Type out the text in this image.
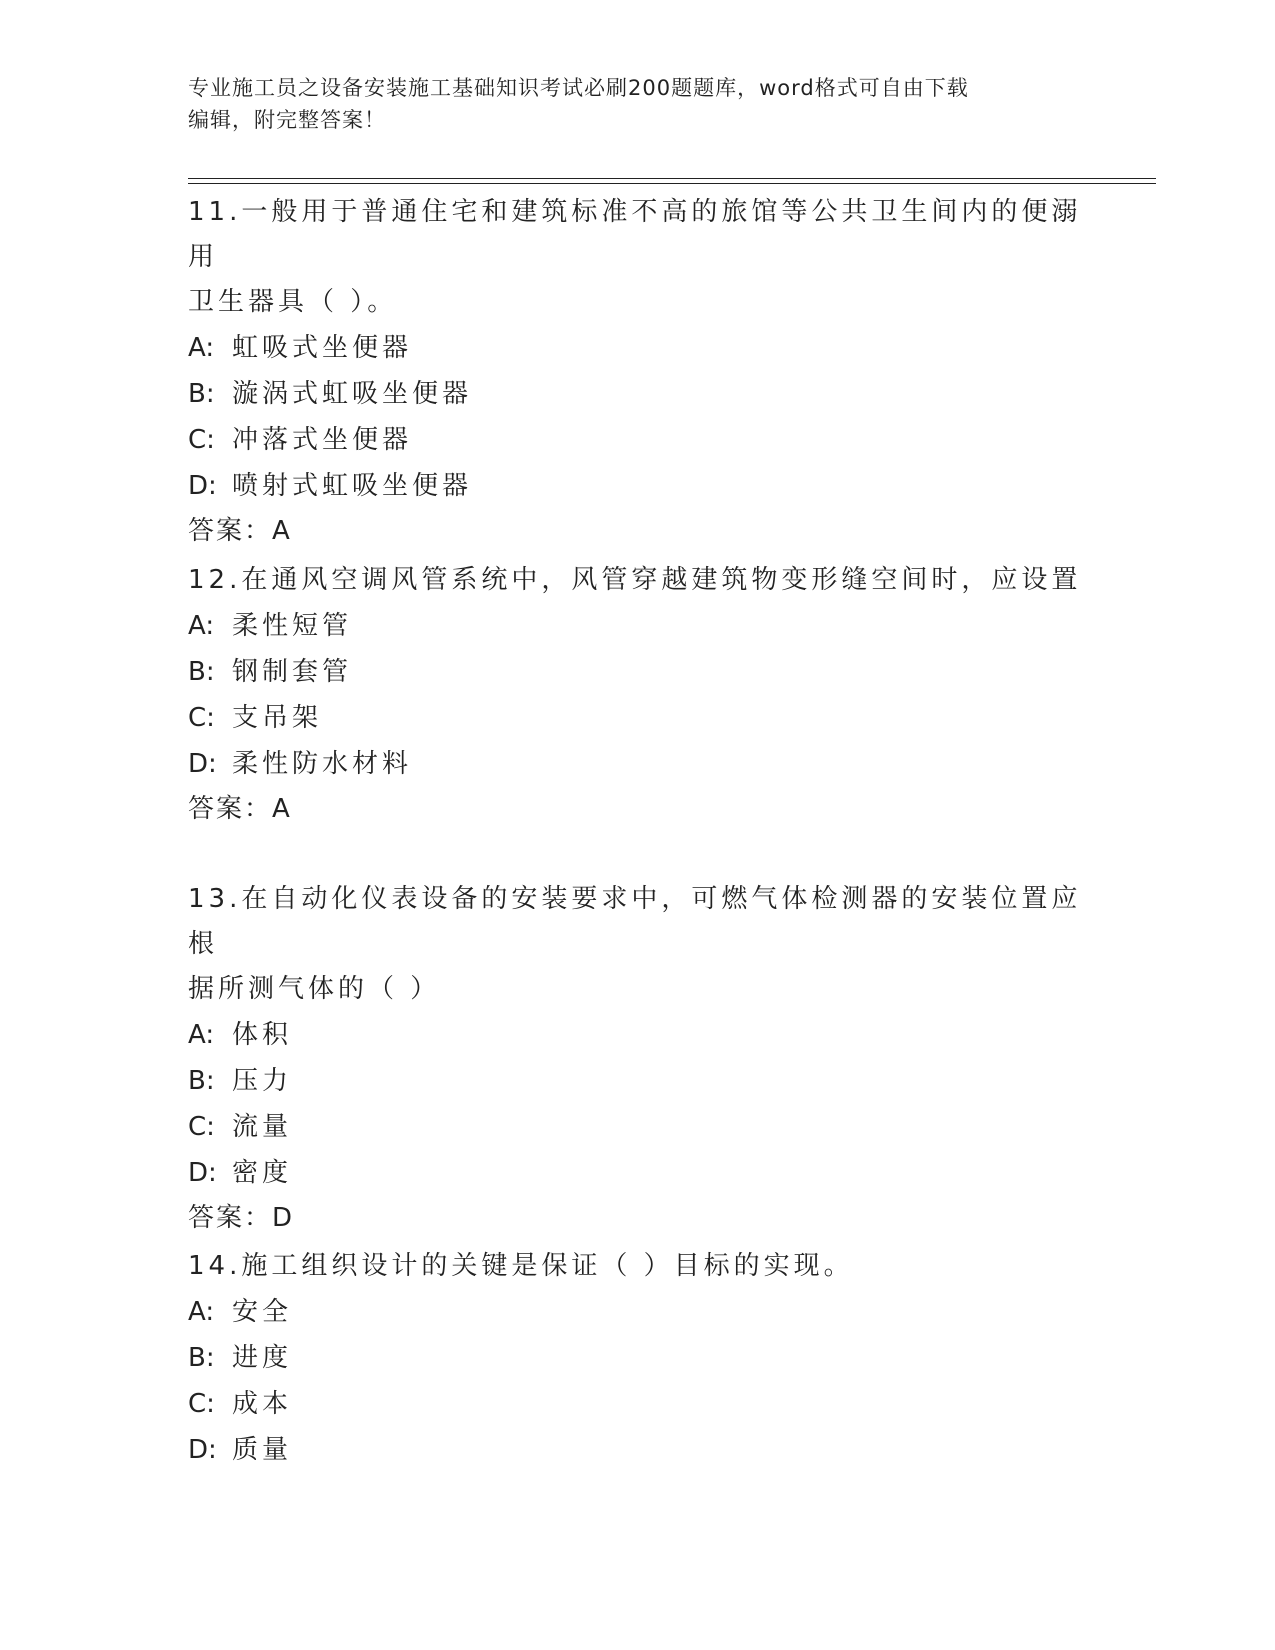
专业施工员之设备安装施工基础知识考试必刷200题题库，word格式可自由下载
编辑，附完整答案！
11.一般用于普通住宅和建筑标准不高的旅馆等公共卫生间内的便溺用
卫生器具（ ）。
A: 虹吸式坐便器
B: 漩涡式虹吸坐便器
C: 冲落式坐便器
D: 喷射式虹吸坐便器
答案：A
12.在通风空调风管系统中，风管穿越建筑物变形缝空间时，应设置
A: 柔性短管
B: 钢制套管
C: 支吊架
D: 柔性防水材料
答案：A
13.在自动化仪表设备的安装要求中，可燃气体检测器的安装位置应根
据所测气体的（ ）
A: 体积
B: 压力
C: 流量
D: 密度
答案：D
14.施工组织设计的关键是保证（ ）目标的实现。
A: 安全
B: 进度
C: 成本
D: 质量
